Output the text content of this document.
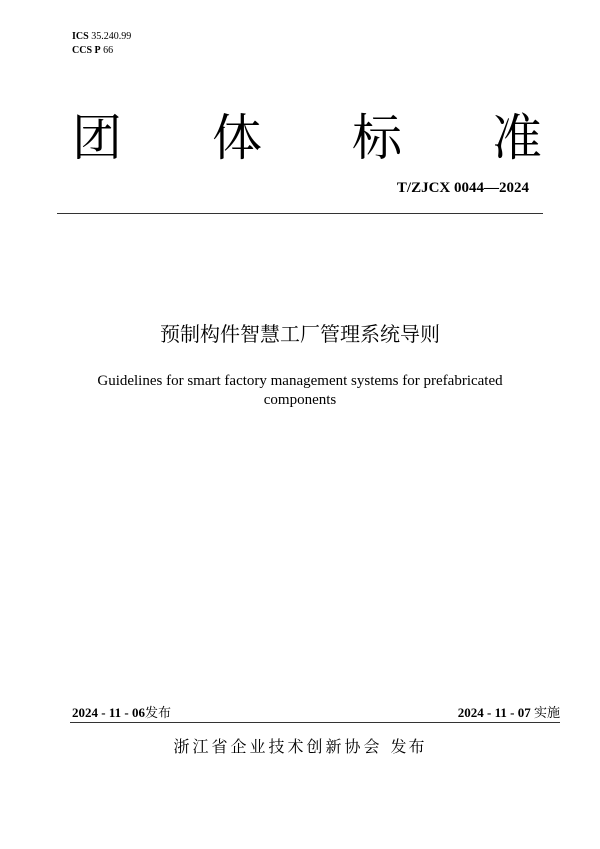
ICS 35.240.99
CCS P 66
团 体 标 准
T/ZJCX 0044—2024
预制构件智慧工厂管理系统导则
Guidelines for smart factory management systems for prefabricated
components
2024 - 11 - 06发布	2024 - 11 - 07 实施
浙江省企业技术创新协会 发布
